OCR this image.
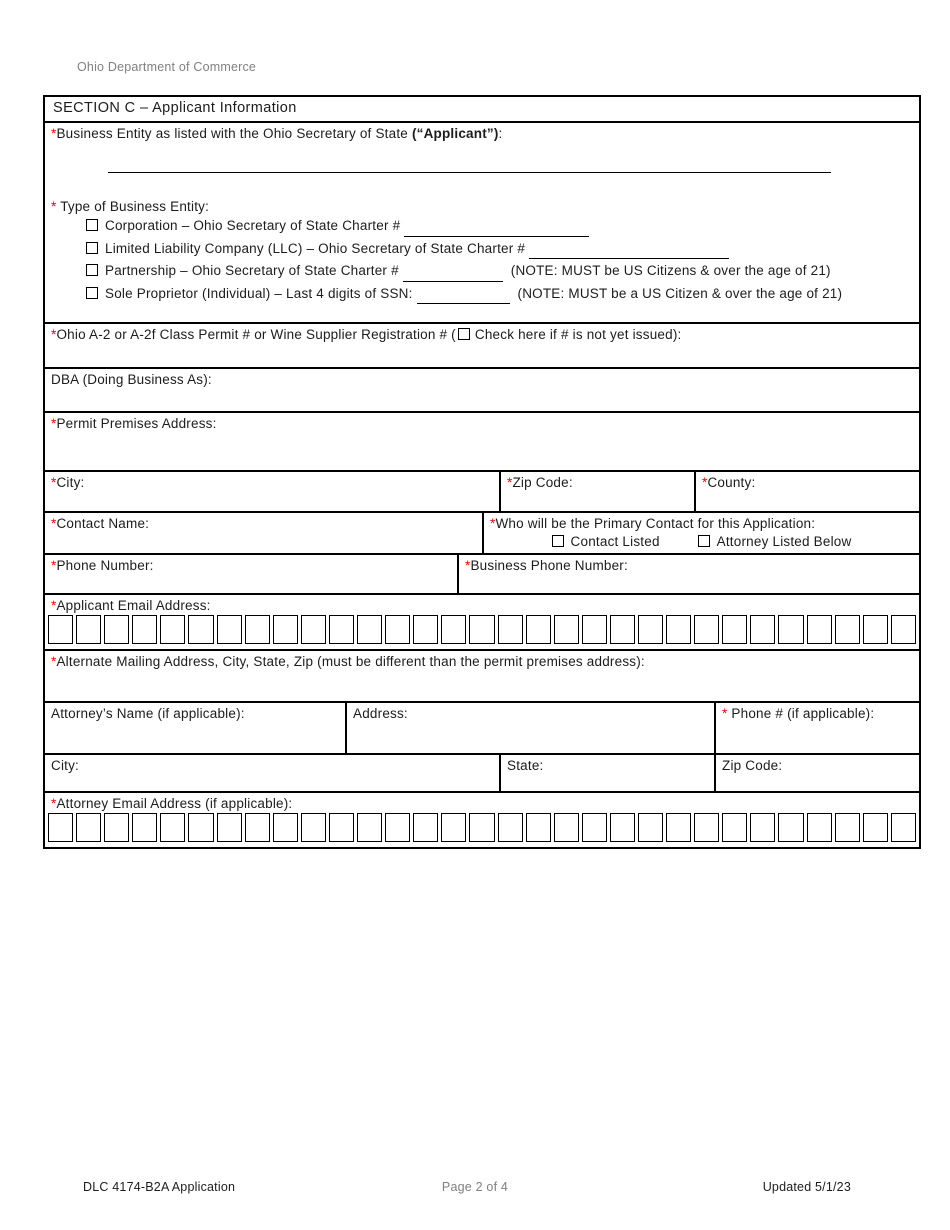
Ohio Department of Commerce
SECTION C – Applicant Information
*Business Entity as listed with the Ohio Secretary of State (“Applicant”):
* Type of Business Entity:
Corporation – Ohio Secretary of State Charter #
Limited Liability Company (LLC) – Ohio Secretary of State Charter #
Partnership – Ohio Secretary of State Charter #	(NOTE: MUST be US Citizens & over the age of 21)
Sole Proprietor (Individual) – Last 4 digits of SSN:	(NOTE: MUST be a US Citizen & over the age of 21)
*Ohio A-2 or A-2f Class Permit # or Wine Supplier Registration # ( Check here if # is not yet issued):
DBA (Doing Business As):
*Permit Premises Address:
*City:	*Zip Code:	*County:
*Contact Name:	*Who will be the Primary Contact for this Application:
Contact Listed	Attorney Listed Below
*Phone Number:	*Business Phone Number:
*Applicant Email Address:
*Alternate Mailing Address, City, State, Zip (must be different than the permit premises address):
Attorney’s Name (if applicable):	Address:	* Phone # (if applicable):
City:	State:	Zip Code:
*Attorney Email Address (if applicable):
DLC 4174-B2A Application	Page 2 of 4	Updated 5/1/23
